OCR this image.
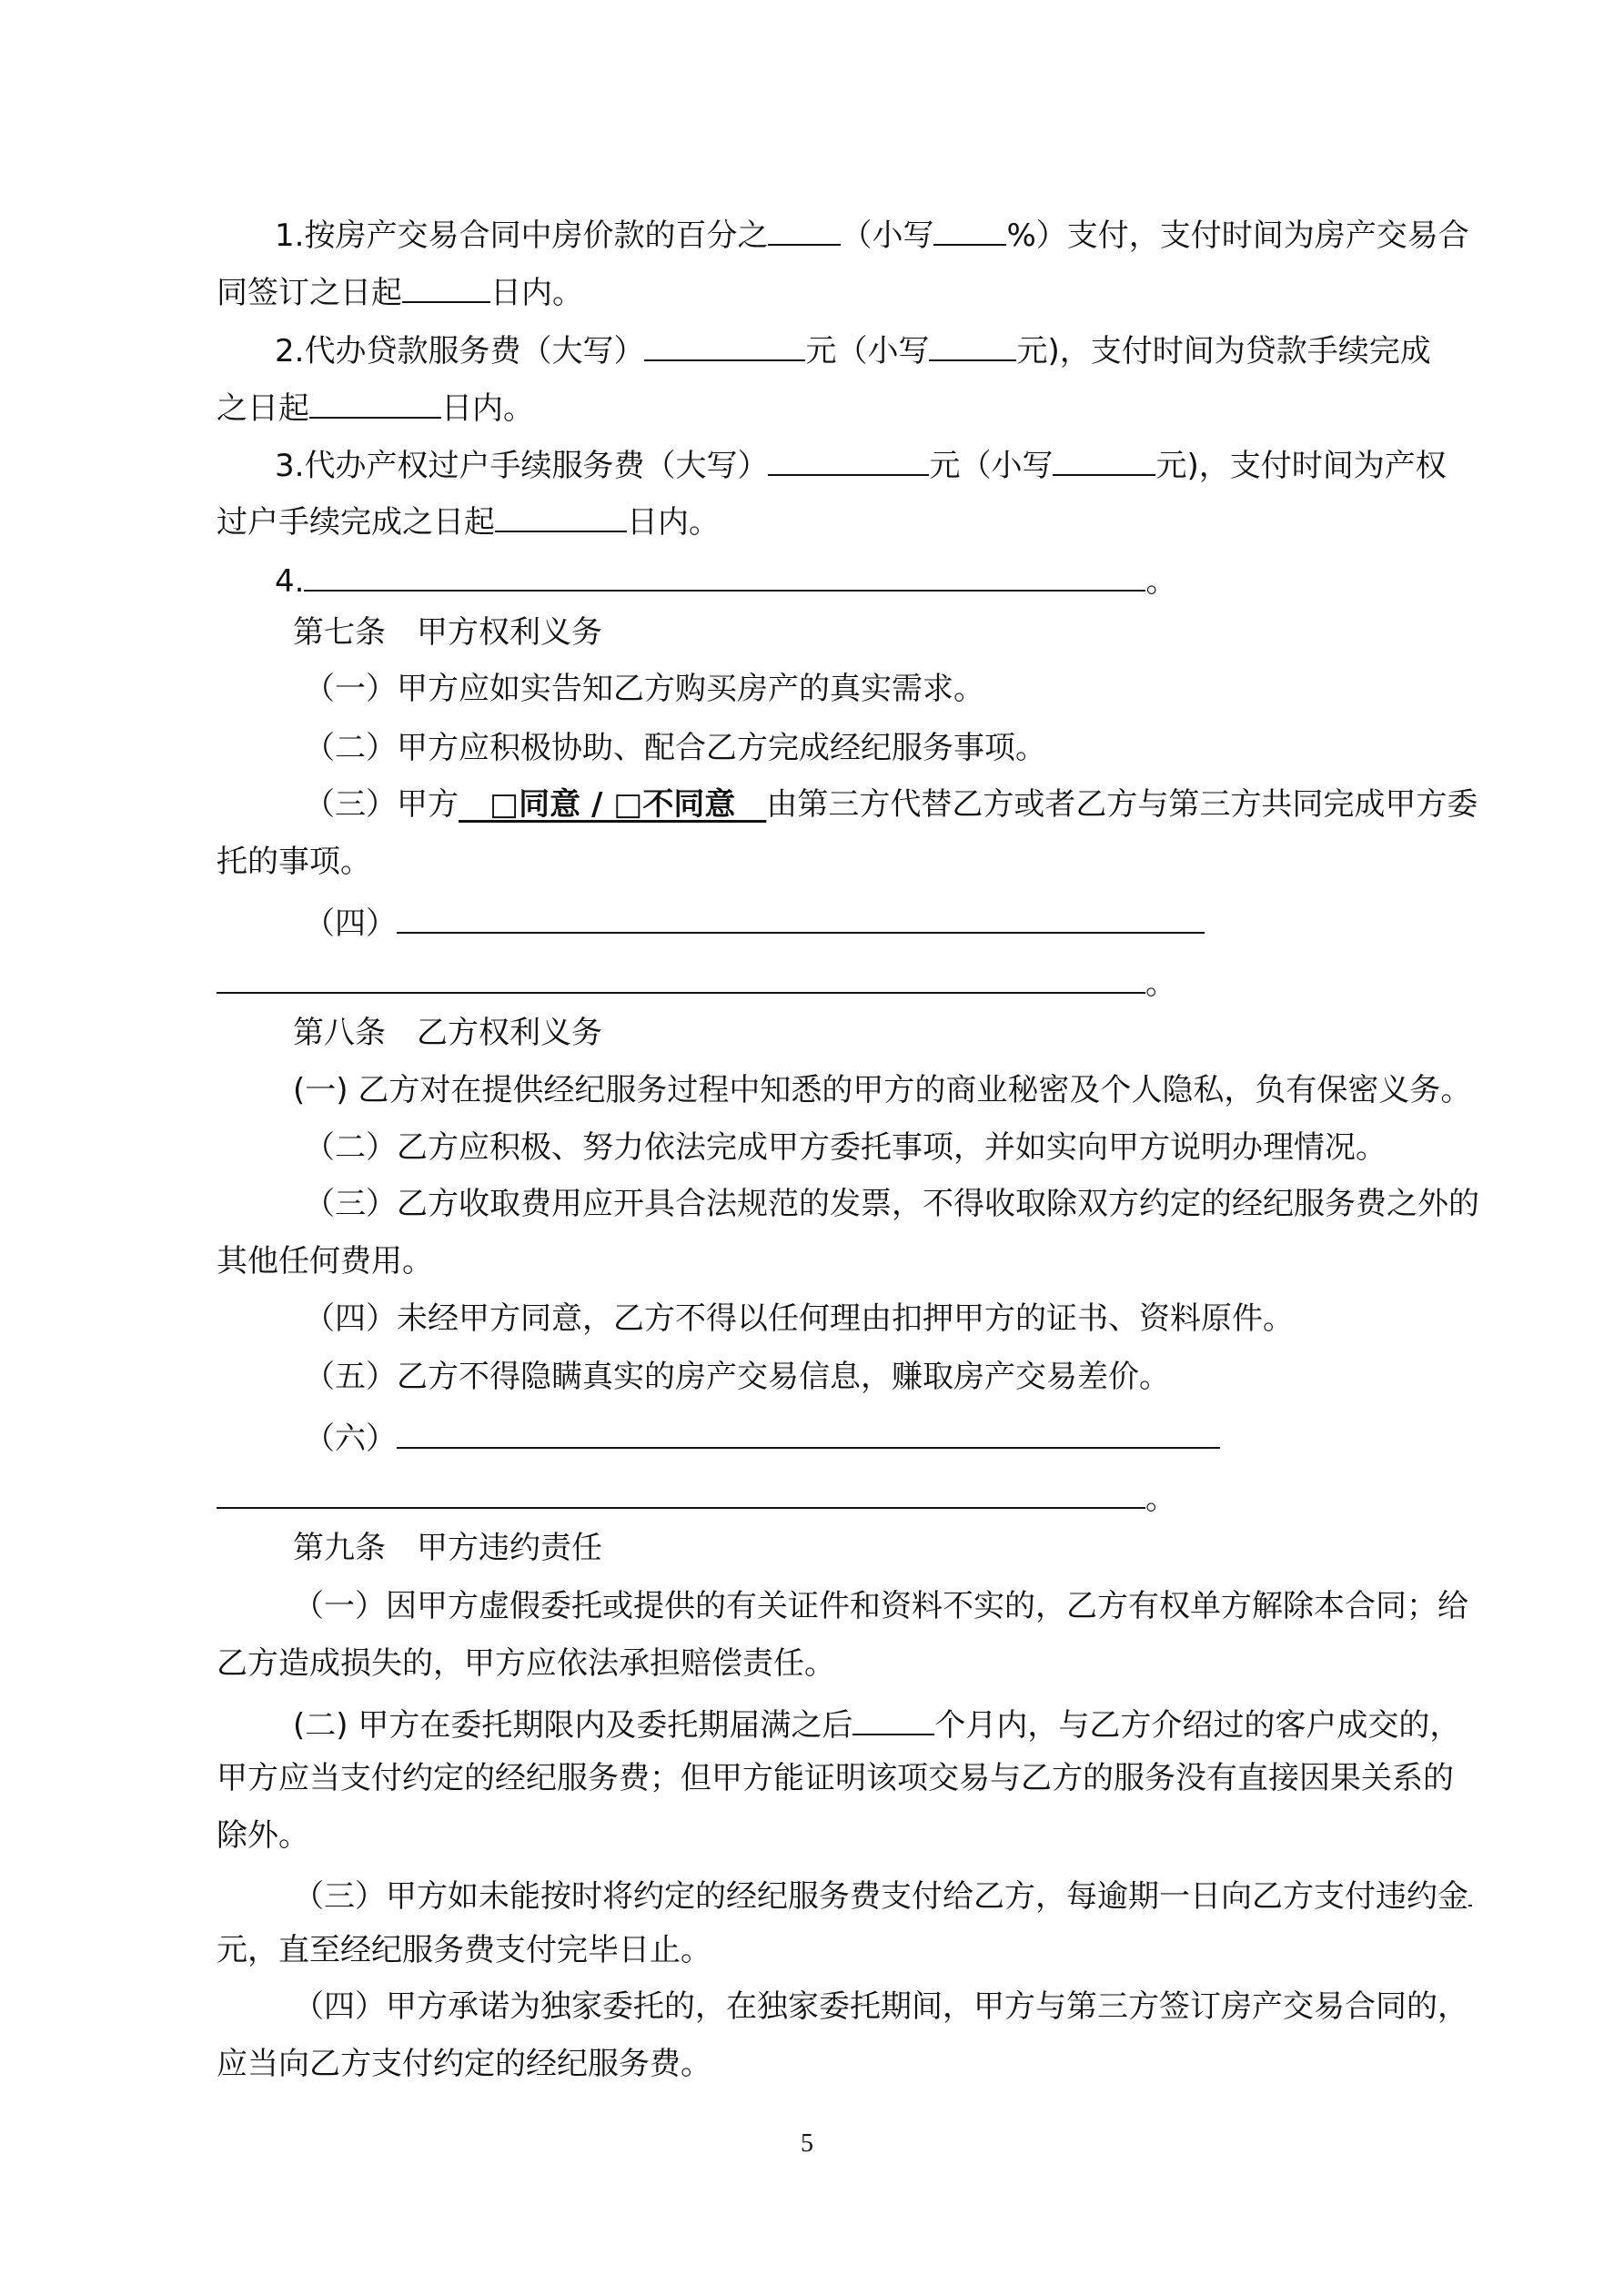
1.按房产交易合同中房价款的百分之 （小写 %）支付，支付时间为房产交易合
同签订之日起	日内。
2.代办贷款服务费（大写）	元（小写	元)，支付时间为贷款手续完成
之日起	日内。
3.代办产权过户手续服务费（大写）	元（小写	元)，支付时间为产权
过户手续完成之日起	日内。
4.	。
第七条　甲方权利义务
（一）甲方应如实告知乙方购买房产的真实需求。
（二）甲方应积极协助、配合乙方完成经纪服务事项。
（三）甲方　□同意 / □不同意　由第三方代替乙方或者乙方与第三方共同完成甲方委
托的事项。
（四）
。
第八条　乙方权利义务
(一) 乙方对在提供经纪服务过程中知悉的甲方的商业秘密及个人隐私，负有保密义务。
（二）乙方应积极、努力依法完成甲方委托事项，并如实向甲方说明办理情况。
（三）乙方收取费用应开具合法规范的发票，不得收取除双方约定的经纪服务费之外的
其他任何费用。
（四）未经甲方同意，乙方不得以任何理由扣押甲方的证书、资料原件。
（五）乙方不得隐瞒真实的房产交易信息，赚取房产交易差价。
（六）
。
第九条　甲方违约责任
（一）因甲方虚假委托或提供的有关证件和资料不实的，乙方有权单方解除本合同；给
乙方造成损失的，甲方应依法承担赔偿责任。
(二) 甲方在委托期限内及委托期届满之后	个月内，与乙方介绍过的客户成交的，
甲方应当支付约定的经纪服务费；但甲方能证明该项交易与乙方的服务没有直接因果关系的
除外。
（三）甲方如未能按时将约定的经纪服务费支付给乙方，每逾期一日向乙方支付违约金
元，直至经纪服务费支付完毕日止。
（四）甲方承诺为独家委托的，在独家委托期间，甲方与第三方签订房产交易合同的，
应当向乙方支付约定的经纪服务费。
5
